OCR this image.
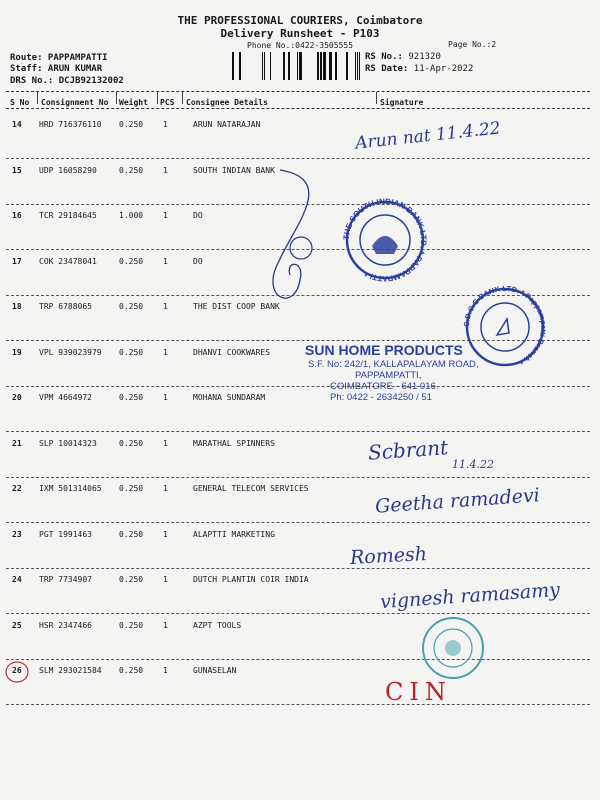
THE PROFESSIONAL COURIERS, Coimbatore
Delivery Runsheet - P103
Phone No.:0422-3505555	Page No.:2
Route: PAPPAMPATTI
Staff: ARUN KUMAR
DRS No.: DCJB92132002
RS No.: 921320
RS Date: 11-Apr-2022
S No Consignment No Weight PCS Consignee Details	Signature
14 HRD 716376110 0.250 1	ARUN NATARAJAN
15 UDP 16058290	0.250 1	SOUTH INDIAN BANK
16 TCR 29184645	1.000 1	DO
17 COK 23478041	0.250 1	DO
18 TRP 6788065	0.250 1	THE DIST COOP BANK
19 VPL 939023979 0.250 1	DHANVI COOKWARES
20 VPM 4664972	0.250 1	MOHANA SUNDARAM
21 SLP 10014323	0.250 1	MARATHAL SPINNERS
22 IXM 501314065 0.250 1	GENERAL TELECOM SERVICES
23 PGT 1991463	0.250 1	ALAPTTI MARKETING
24 TRP 7734907	0.250 1	DUTCH PLANTIN COIR INDIA
25 HSR 2347466	0.250 1	AZPT TOOLS
26 SLM 293021584 0.250 1	GUNASELAN
THE SOUTH INDIAN BANK LTD. * PAPPAMPATTI *
C.D.C.C BANK LTD. * Pappampatti Branch *
SUN HOME PRODUCTS
S.F. No: 242/1, KALLAPALAYAM ROAD,
PAPPAMPATTI,
COIMBATORE - 641 016.
Ph: 0422 - 2634250 / 51
Arun nat 11.4.22
Scbrant 11.4.22
Geetha ramadevi
Romesh
vignesh ramasamy
CIN
